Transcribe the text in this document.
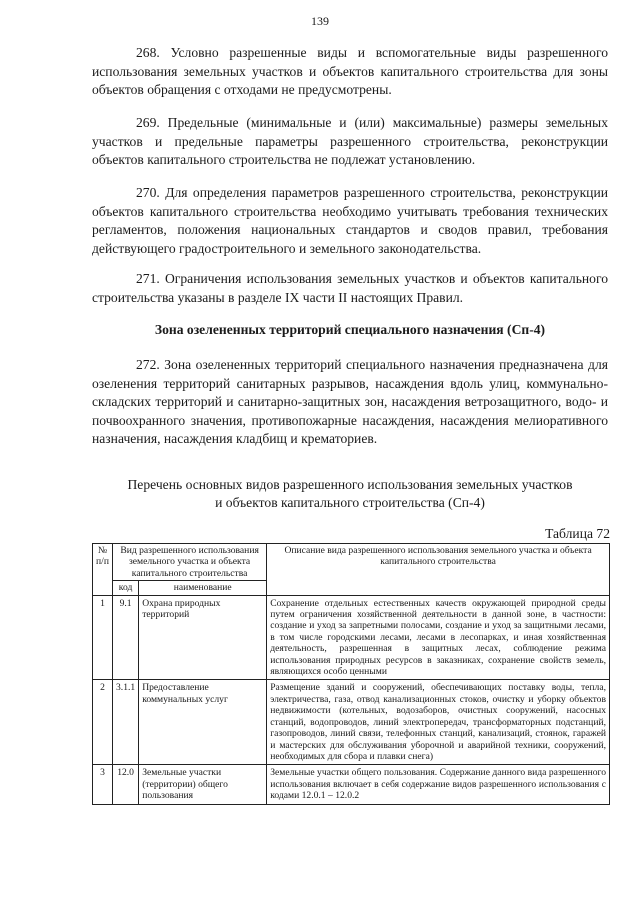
139

268. Условно разрешенные виды и вспомогательные виды разрешенного использования земельных участков и объектов капитального строительства для зоны объектов обращения с отходами не предусмотрены.

269. Предельные (минимальные и (или) максимальные) размеры земельных участков и предельные параметры разрешенного строительства, реконструкции объектов капитального строительства не подлежат установлению.

270. Для определения параметров разрешенного строительства, реконструкции объектов капитального строительства необходимо учитывать требования технических регламентов, положения национальных стандартов и сводов правил, требования действующего градостроительного и земельного законодательства.

271. Ограничения использования земельных участков и объектов капитального строительства указаны в разделе IX части II настоящих Правил.

Зона озелененных территорий специального назначения (Сп-4)

272. Зона озелененных территорий специального назначения предназначена для озеленения территорий санитарных разрывов, насаждения вдоль улиц, коммунально-складских территорий и санитарно-защитных зон, насаждения ветрозащитного, водо- и почвоохранного значения, противопожарные насаждения, насаждения мелиоративного назначения, насаждения кладбищ и крематориев.

Перечень основных видов разрешенного использования земельных участков
и объектов капитального строительства (Сп-4)
Таблица 72
№ п/п	Вид разрешенного использования земельного участка и объекта капитального строительства		Описание вида разрешенного использования земельного участка и объекта капитального строительства
	код	наименование	
1	9.1	Охрана природных территорий	Сохранение отдельных естественных качеств окружающей природной среды путем ограничения хозяйственной деятельности в данной зоне, в частности: создание и уход за запретными полосами, создание и уход за защитными лесами, в том числе городскими лесами, лесами в лесопарках, и иная хозяйственная деятельность, разрешенная в защитных лесах, соблюдение режима использования природных ресурсов в заказниках, сохранение свойств земель, являющихся особо ценными
2	3.1.1	Предоставление коммунальных услуг	Размещение зданий и сооружений, обеспечивающих поставку воды, тепла, электричества, газа, отвод канализационных стоков, очистку и уборку объектов недвижимости (котельных, водозаборов, очистных сооружений, насосных станций, водопроводов, линий электропередач, трансформаторных подстанций, газопроводов, линий связи, телефонных станций, канализаций, стоянок, гаражей и мастерских для обслуживания уборочной и аварийной техники, сооружений, необходимых для сбора и плавки снега)
3	12.0	Земельные участки (территории) общего пользования	Земельные участки общего пользования. Содержание данного вида разрешенного использования включает в себя содержание видов разрешенного использования с кодами 12.0.1 – 12.0.2
